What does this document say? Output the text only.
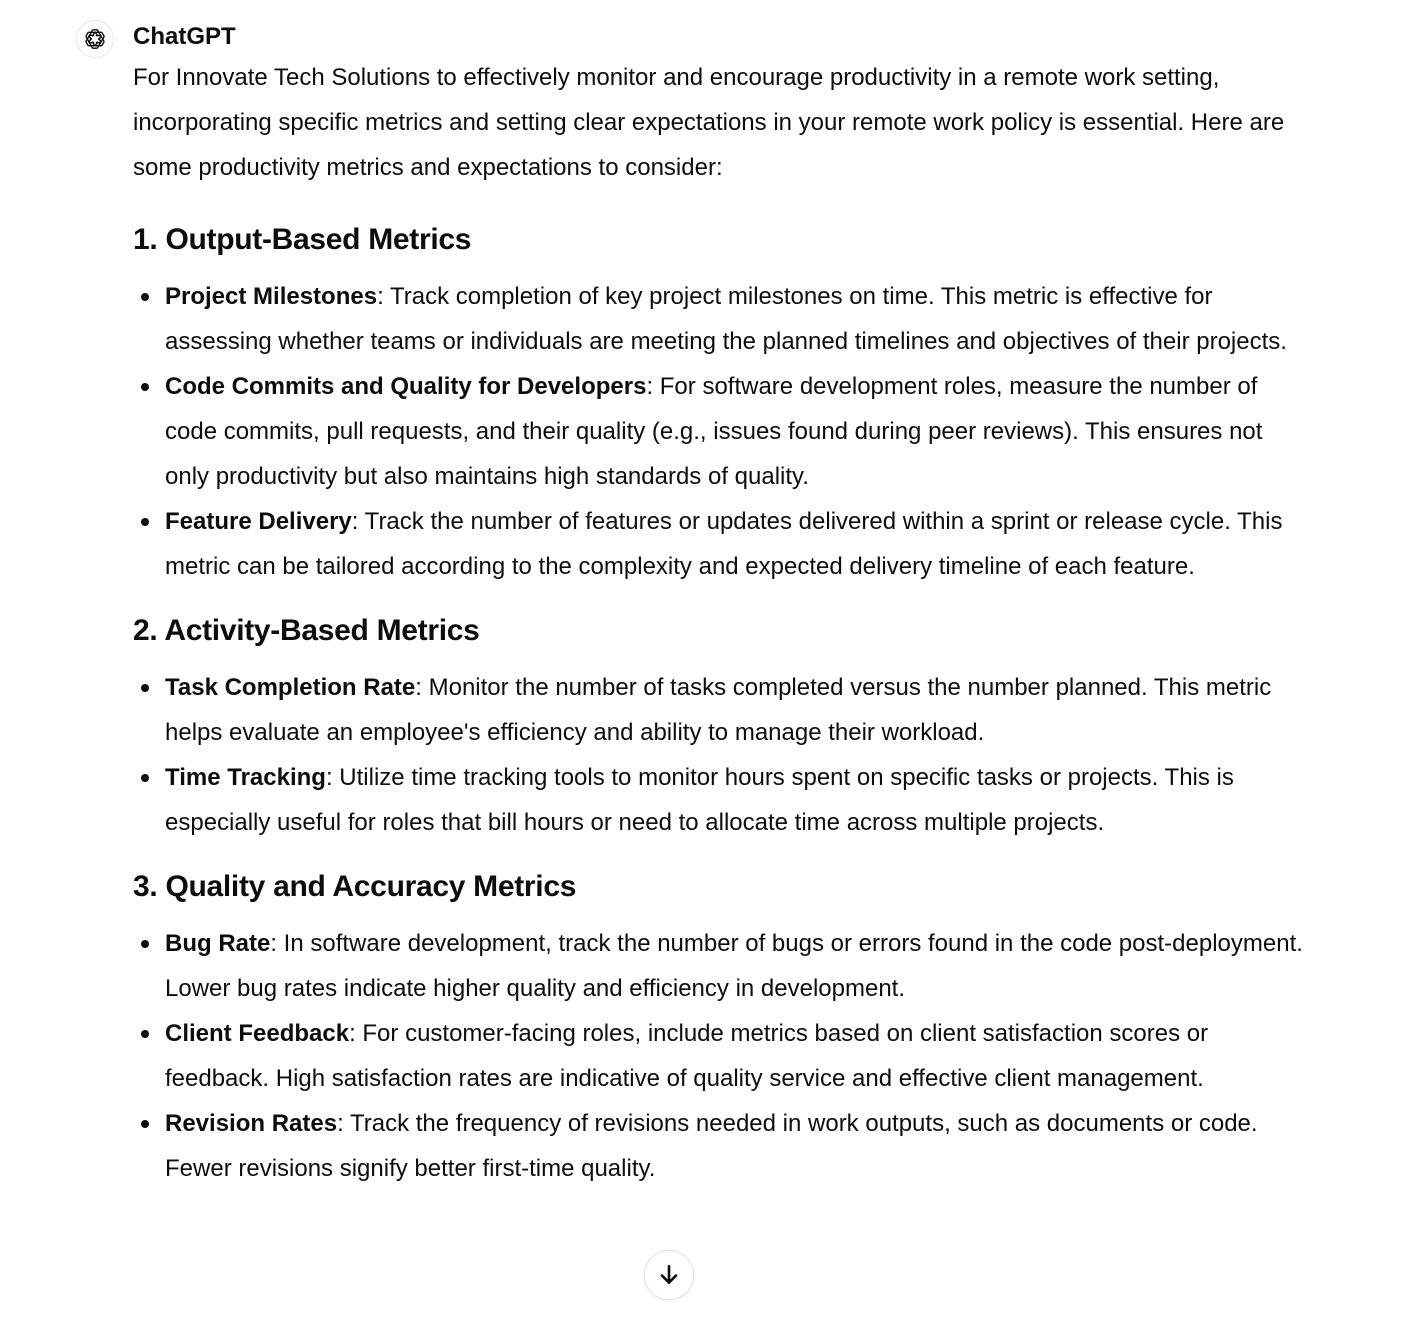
ChatGPT

For Innovate Tech Solutions to effectively monitor and encourage productivity in a remote work setting, incorporating specific metrics and setting clear expectations in your remote work policy is essential. Here are some productivity metrics and expectations to consider:

1. Output-Based Metrics
Project Milestones: Track completion of key project milestones on time. This metric is effective for assessing whether teams or individuals are meeting the planned timelines and objectives of their projects.
Code Commits and Quality for Developers: For software development roles, measure the number of code commits, pull requests, and their quality (e.g., issues found during peer reviews). This ensures not only productivity but also maintains high standards of quality.
Feature Delivery: Track the number of features or updates delivered within a sprint or release cycle. This metric can be tailored according to the complexity and expected delivery timeline of each feature.
2. Activity-Based Metrics
Task Completion Rate: Monitor the number of tasks completed versus the number planned. This metric helps evaluate an employee's efficiency and ability to manage their workload.
Time Tracking: Utilize time tracking tools to monitor hours spent on specific tasks or projects. This is especially useful for roles that bill hours or need to allocate time across multiple projects.
3. Quality and Accuracy Metrics
Bug Rate: In software development, track the number of bugs or errors found in the code post-deployment. Lower bug rates indicate higher quality and efficiency in development.
Client Feedback: For customer-facing roles, include metrics based on client satisfaction scores or feedback. High satisfaction rates are indicative of quality service and effective client management.
Revision Rates: Track the frequency of revisions needed in work outputs, such as documents or code. Fewer revisions signify better first-time quality.
